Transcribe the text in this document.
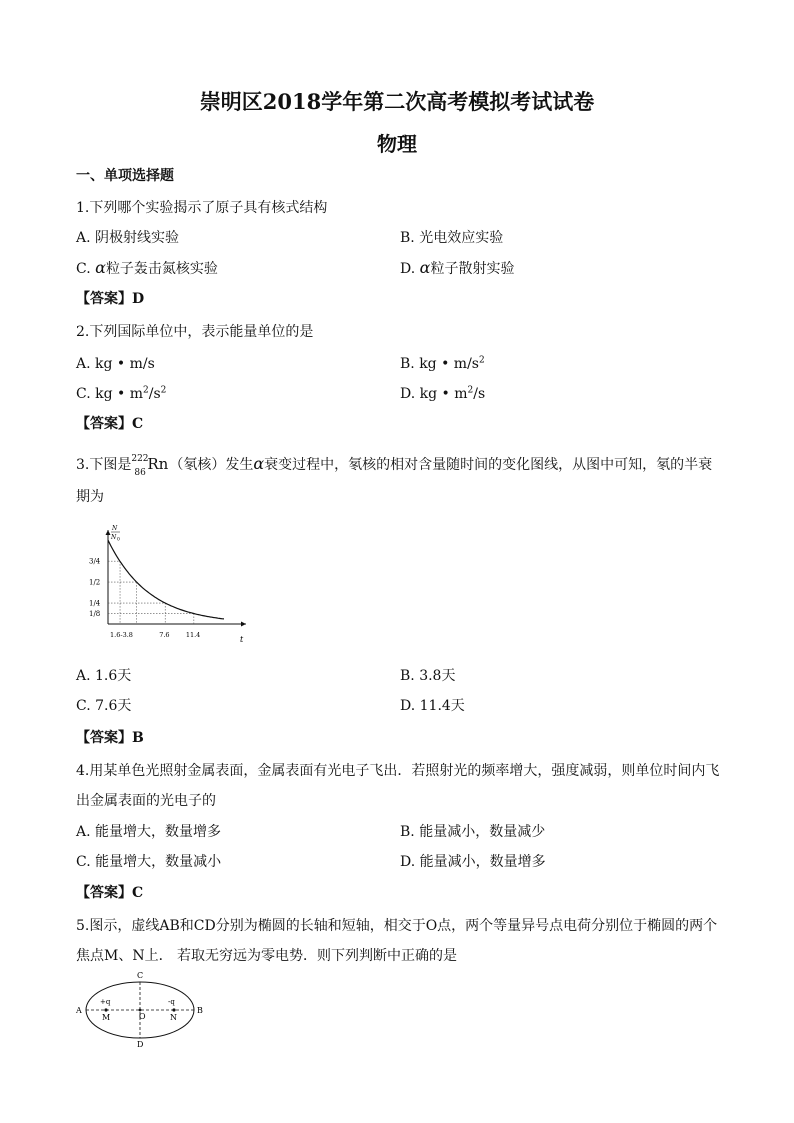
崇明区2018学年第二次高考模拟考试试卷
物理
一、单项选择题
1.下列哪个实验揭示了原子具有核式结构
A. 阴极射线实验	B. 光电效应实验
C. α粒子轰击氮核实验	D. α粒子散射实验
【答案】D
2.下列国际单位中，表示能量单位的是
A. kg • m/s	B. kg • $m/s^2$
C. kg • $m^2/s^2$	D. kg • $m^2/s$
【答案】C
3.下图是 222
86 Rn （氡核）发生α衰变过程中，氡核的相对含量随时间的变化图线，从图中可知，氡的半衰
期为
N
N 0
t
3/4
1/2
1/4
1/8
1.6-3.8	7.6	11.4
A. 1.6天	B. 3.8天
C. 7.6天	D. 11.4天
【答案】B
4.用某单色光照射金属表面，金属表面有光电子飞出．若照射光的频率增大，强度减弱，则单位时间内飞
出金属表面的光电子的
A. 能量增大，数量增多	B. 能量减小，数量减少
C. 能量增大，数量减小	D. 能量减小，数量增多
【答案】C
5.图示，虚线AB和CD分别为椭圆的长轴和短轴，相交于O点，两个等量异号点电荷分别位于椭圆的两个
焦点M、N上． 若取无穷远为零电势．则下列判断中正确的是
A	B
C
D
O
M	N
+q	-q
